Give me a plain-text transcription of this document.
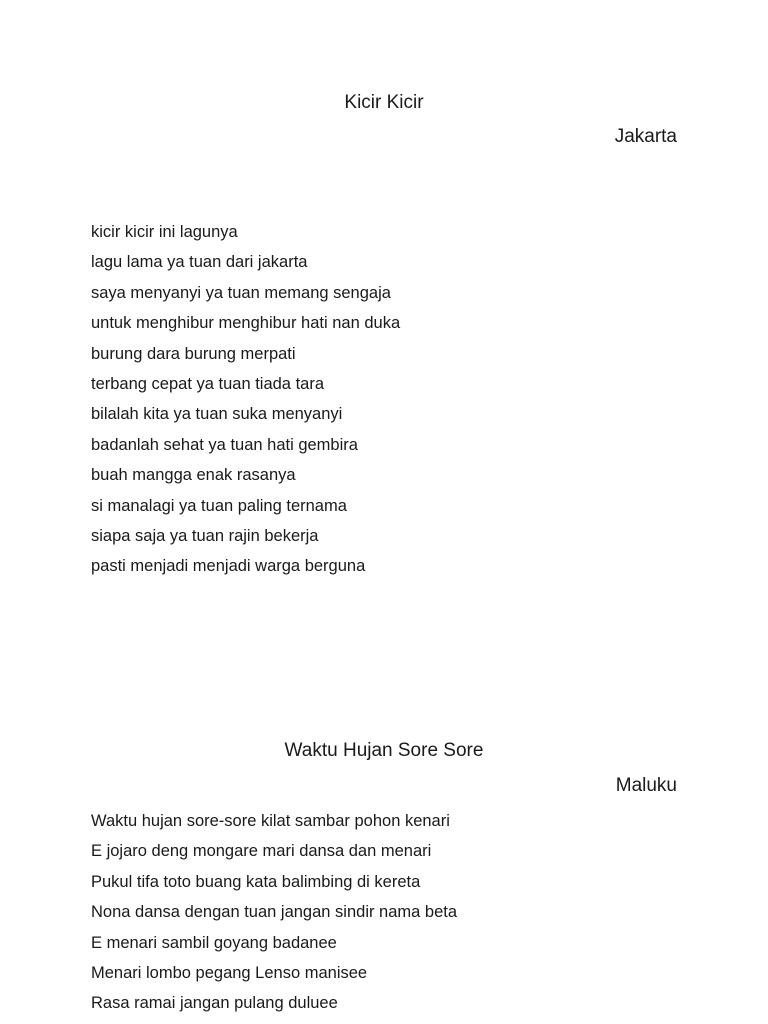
Kicir Kicir
Jakarta
kicir kicir ini lagunya
lagu lama ya tuan dari jakarta
saya menyanyi ya tuan memang sengaja
untuk menghibur menghibur hati nan duka
burung dara burung merpati
terbang cepat ya tuan tiada tara
bilalah kita ya tuan suka menyanyi
badanlah sehat ya tuan hati gembira
buah mangga enak rasanya
si manalagi ya tuan paling ternama
siapa saja ya tuan rajin bekerja
pasti menjadi menjadi warga berguna
Waktu Hujan Sore Sore
Maluku
Waktu hujan sore-sore kilat sambar pohon kenari
E jojaro deng mongare mari dansa dan menari
Pukul tifa toto buang kata balimbing di kereta
Nona dansa dengan tuan jangan sindir nama beta
E menari sambil goyang badanee
Menari lombo pegang Lenso manisee
Rasa ramai jangan pulang duluee
